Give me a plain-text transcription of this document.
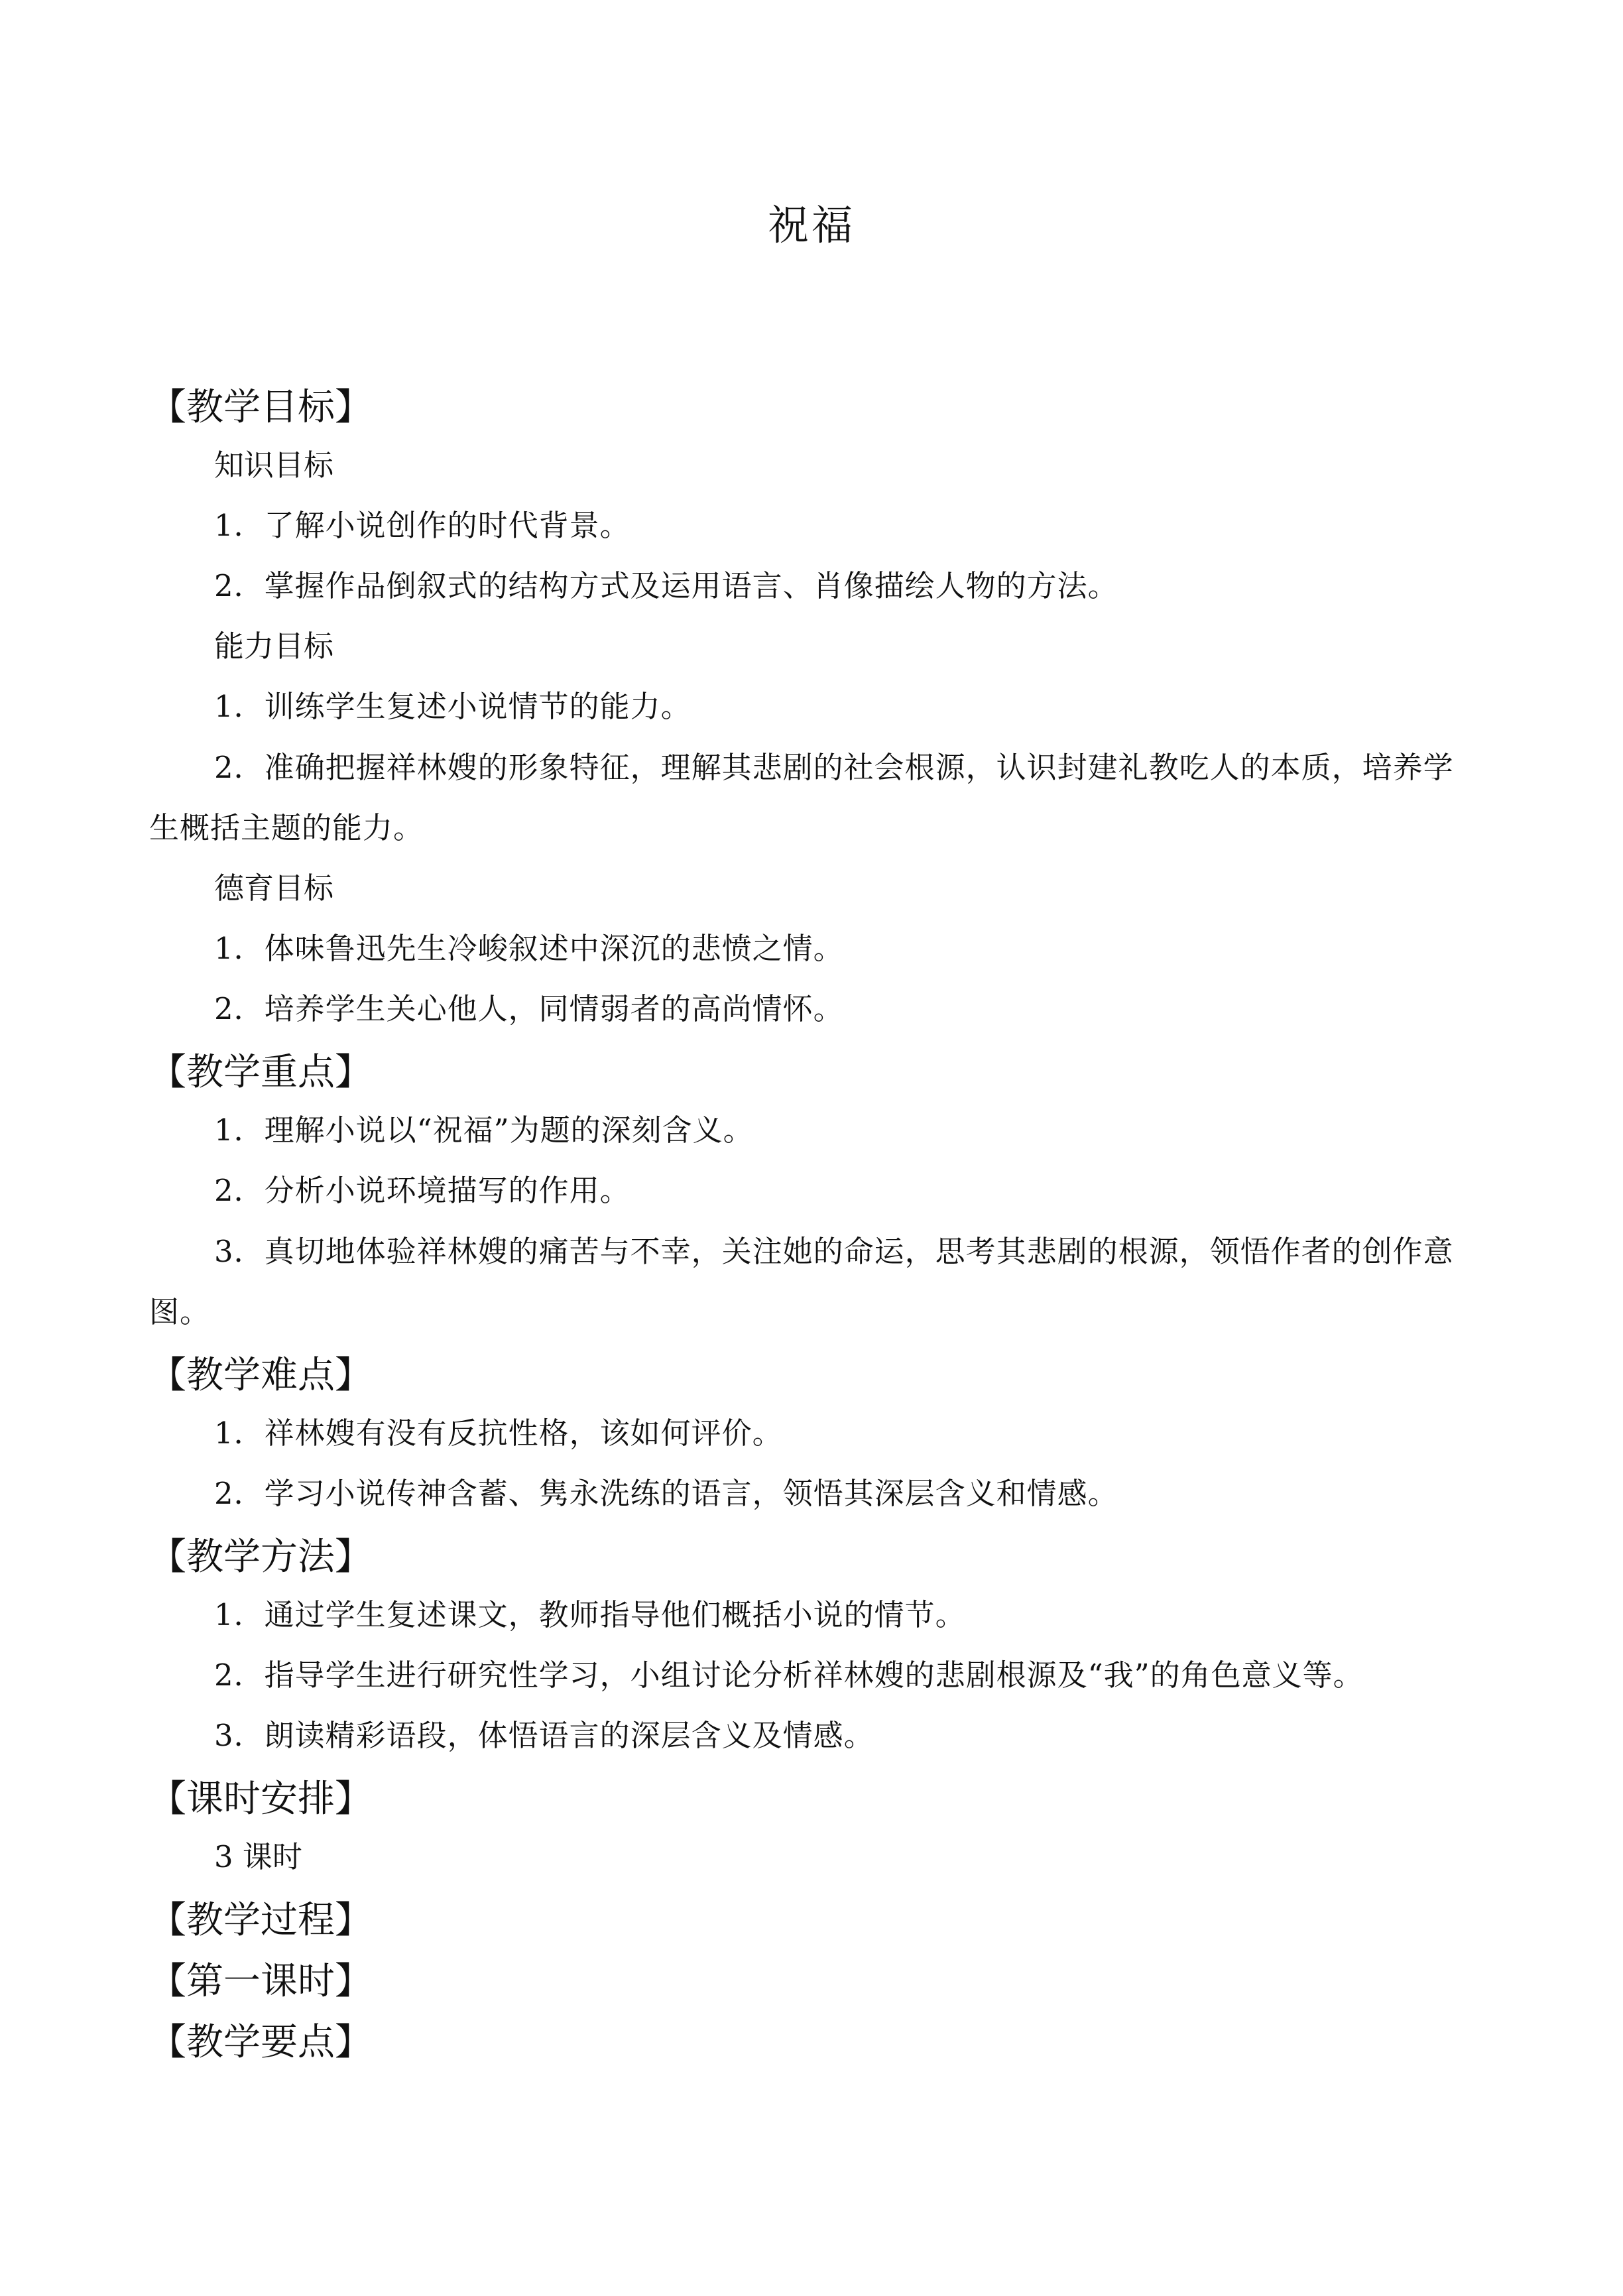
祝福
【教学目标】
知识目标
1．了解小说创作的时代背景。
2．掌握作品倒叙式的结构方式及运用语言、肖像描绘人物的方法。
能力目标
1．训练学生复述小说情节的能力。
2．准确把握祥林嫂的形象特征，理解其悲剧的社会根源，认识封建礼教吃人的本质，培养学生概括主题的能力。
德育目标
1．体味鲁迅先生冷峻叙述中深沉的悲愤之情。
2．培养学生关心他人，同情弱者的高尚情怀。
【教学重点】
1．理解小说以“祝福”为题的深刻含义。
2．分析小说环境描写的作用。
3．真切地体验祥林嫂的痛苦与不幸，关注她的命运，思考其悲剧的根源，领悟作者的创作意图。
【教学难点】
1．祥林嫂有没有反抗性格，该如何评价。
2．学习小说传神含蓄、隽永洗练的语言，领悟其深层含义和情感。
【教学方法】
1．通过学生复述课文，教师指导他们概括小说的情节。
2．指导学生进行研究性学习，小组讨论分析祥林嫂的悲剧根源及“我”的角色意义等。
3．朗读精彩语段，体悟语言的深层含义及情感。
【课时安排】
3 课时
【教学过程】
【第一课时】
【教学要点】
